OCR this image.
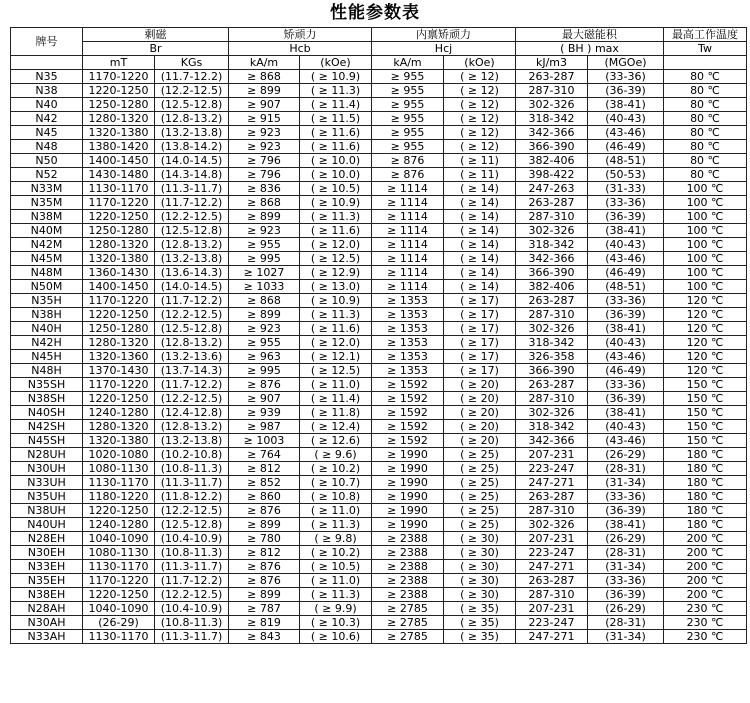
性能参数表
牌号	剩磁		矫顽力		内禀矫顽力		最大磁能积		最高工作温度
	Br		Hcb		Hcj		( BH ) max		Tw
	mT	KGs	kA/m	(kOe)	kA/m	(kOe)	kJ/m3	(MGOe)	
N35	1170-1220	(11.7-12.2)	≥ 868	( ≥ 10.9)	≥ 955	( ≥ 12)	263-287	(33-36)	80 ℃
N38	1220-1250	(12.2-12.5)	≥ 899	( ≥ 11.3)	≥ 955	( ≥ 12)	287-310	(36-39)	80 ℃
N40	1250-1280	(12.5-12.8)	≥ 907	( ≥ 11.4)	≥ 955	( ≥ 12)	302-326	(38-41)	80 ℃
N42	1280-1320	(12.8-13.2)	≥ 915	( ≥ 11.5)	≥ 955	( ≥ 12)	318-342	(40-43)	80 ℃
N45	1320-1380	(13.2-13.8)	≥ 923	( ≥ 11.6)	≥ 955	( ≥ 12)	342-366	(43-46)	80 ℃
N48	1380-1420	(13.8-14.2)	≥ 923	( ≥ 11.6)	≥ 955	( ≥ 12)	366-390	(46-49)	80 ℃
N50	1400-1450	(14.0-14.5)	≥ 796	( ≥ 10.0)	≥ 876	( ≥ 11)	382-406	(48-51)	80 ℃
N52	1430-1480	(14.3-14.8)	≥ 796	( ≥ 10.0)	≥ 876	( ≥ 11)	398-422	(50-53)	80 ℃
N33M	1130-1170	(11.3-11.7)	≥ 836	( ≥ 10.5)	≥ 1114	( ≥ 14)	247-263	(31-33)	100 ℃
N35M	1170-1220	(11.7-12.2)	≥ 868	( ≥ 10.9)	≥ 1114	( ≥ 14)	263-287	(33-36)	100 ℃
N38M	1220-1250	(12.2-12.5)	≥ 899	( ≥ 11.3)	≥ 1114	( ≥ 14)	287-310	(36-39)	100 ℃
N40M	1250-1280	(12.5-12.8)	≥ 923	( ≥ 11.6)	≥ 1114	( ≥ 14)	302-326	(38-41)	100 ℃
N42M	1280-1320	(12.8-13.2)	≥ 955	( ≥ 12.0)	≥ 1114	( ≥ 14)	318-342	(40-43)	100 ℃
N45M	1320-1380	(13.2-13.8)	≥ 995	( ≥ 12.5)	≥ 1114	( ≥ 14)	342-366	(43-46)	100 ℃
N48M	1360-1430	(13.6-14.3)	≥ 1027	( ≥ 12.9)	≥ 1114	( ≥ 14)	366-390	(46-49)	100 ℃
N50M	1400-1450	(14.0-14.5)	≥ 1033	( ≥ 13.0)	≥ 1114	( ≥ 14)	382-406	(48-51)	100 ℃
N35H	1170-1220	(11.7-12.2)	≥ 868	( ≥ 10.9)	≥ 1353	( ≥ 17)	263-287	(33-36)	120 ℃
N38H	1220-1250	(12.2-12.5)	≥ 899	( ≥ 11.3)	≥ 1353	( ≥ 17)	287-310	(36-39)	120 ℃
N40H	1250-1280	(12.5-12.8)	≥ 923	( ≥ 11.6)	≥ 1353	( ≥ 17)	302-326	(38-41)	120 ℃
N42H	1280-1320	(12.8-13.2)	≥ 955	( ≥ 12.0)	≥ 1353	( ≥ 17)	318-342	(40-43)	120 ℃
N45H	1320-1360	(13.2-13.6)	≥ 963	( ≥ 12.1)	≥ 1353	( ≥ 17)	326-358	(43-46)	120 ℃
N48H	1370-1430	(13.7-14.3)	≥ 995	( ≥ 12.5)	≥ 1353	( ≥ 17)	366-390	(46-49)	120 ℃
N35SH	1170-1220	(11.7-12.2)	≥ 876	( ≥ 11.0)	≥ 1592	( ≥ 20)	263-287	(33-36)	150 ℃
N38SH	1220-1250	(12.2-12.5)	≥ 907	( ≥ 11.4)	≥ 1592	( ≥ 20)	287-310	(36-39)	150 ℃
N40SH	1240-1280	(12.4-12.8)	≥ 939	( ≥ 11.8)	≥ 1592	( ≥ 20)	302-326	(38-41)	150 ℃
N42SH	1280-1320	(12.8-13.2)	≥ 987	( ≥ 12.4)	≥ 1592	( ≥ 20)	318-342	(40-43)	150 ℃
N45SH	1320-1380	(13.2-13.8)	≥ 1003	( ≥ 12.6)	≥ 1592	( ≥ 20)	342-366	(43-46)	150 ℃
N28UH	1020-1080	(10.2-10.8)	≥ 764	( ≥ 9.6)	≥ 1990	( ≥ 25)	207-231	(26-29)	180 ℃
N30UH	1080-1130	(10.8-11.3)	≥ 812	( ≥ 10.2)	≥ 1990	( ≥ 25)	223-247	(28-31)	180 ℃
N33UH	1130-1170	(11.3-11.7)	≥ 852	( ≥ 10.7)	≥ 1990	( ≥ 25)	247-271	(31-34)	180 ℃
N35UH	1180-1220	(11.8-12.2)	≥ 860	( ≥ 10.8)	≥ 1990	( ≥ 25)	263-287	(33-36)	180 ℃
N38UH	1220-1250	(12.2-12.5)	≥ 876	( ≥ 11.0)	≥ 1990	( ≥ 25)	287-310	(36-39)	180 ℃
N40UH	1240-1280	(12.5-12.8)	≥ 899	( ≥ 11.3)	≥ 1990	( ≥ 25)	302-326	(38-41)	180 ℃
N28EH	1040-1090	(10.4-10.9)	≥ 780	( ≥ 9.8)	≥ 2388	( ≥ 30)	207-231	(26-29)	200 ℃
N30EH	1080-1130	(10.8-11.3)	≥ 812	( ≥ 10.2)	≥ 2388	( ≥ 30)	223-247	(28-31)	200 ℃
N33EH	1130-1170	(11.3-11.7)	≥ 876	( ≥ 10.5)	≥ 2388	( ≥ 30)	247-271	(31-34)	200 ℃
N35EH	1170-1220	(11.7-12.2)	≥ 876	( ≥ 11.0)	≥ 2388	( ≥ 30)	263-287	(33-36)	200 ℃
N38EH	1220-1250	(12.2-12.5)	≥ 899	( ≥ 11.3)	≥ 2388	( ≥ 30)	287-310	(36-39)	200 ℃
N28AH	1040-1090	(10.4-10.9)	≥ 787	( ≥ 9.9)	≥ 2785	( ≥ 35)	207-231	(26-29)	230 ℃
N30AH	(26-29)	(10.8-11.3)	≥ 819	( ≥ 10.3)	≥ 2785	( ≥ 35)	223-247	(28-31)	230 ℃
N33AH	1130-1170	(11.3-11.7)	≥ 843	( ≥ 10.6)	≥ 2785	( ≥ 35)	247-271	(31-34)	230 ℃
